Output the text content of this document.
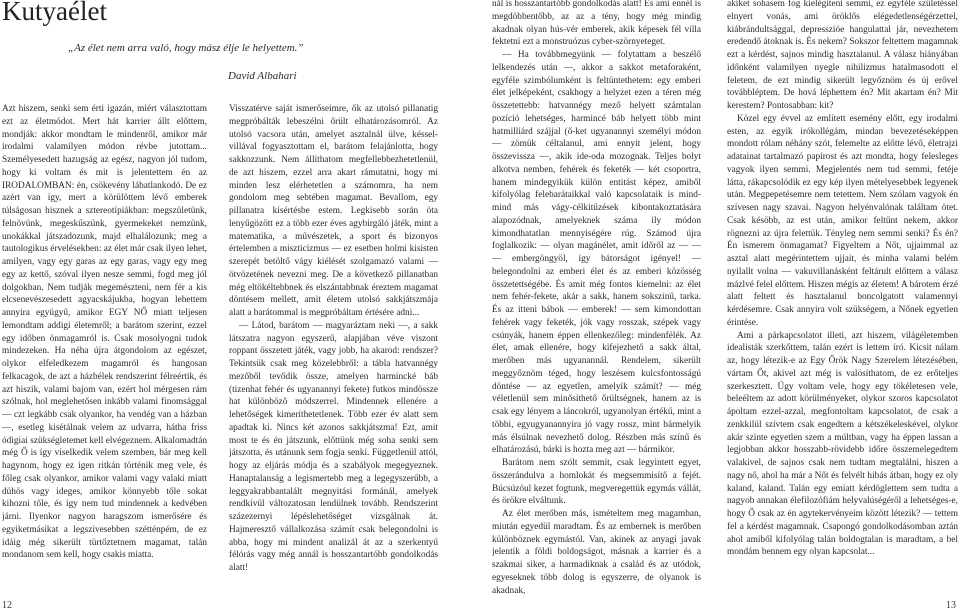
Kutyaélet
„Az élet nem arra való, hogy mász élje le helyettem.”
David Albahari

Azt hiszem, senki sem érti igazán, miért választottam ezt az életmódot. Mert hát karrier állt előttem, mondják: akkor mondtam le mindenről, amikor már irodalmi valamilyen módon révbe jutottam... Személyesedett hazugság az egész, nagyon jól tudom, hogy ki voltam és mit is jelentettem én az IRODALOMBAN: én, csökevény lábatlankodó. De ez azért van így, mert a körülöttem lévő emberek túlságosan hisznek a sztereotípiákban: megszületünk, felnövünk, megeskűszünk, gyermekeket nemzünk, unokákkal játszadozunk, majd elhalálozunk; meg a tautologikus érvelésekben: az élet már csak ilyen lehet, amilyen, vagy egy garas az egy garas, vagy egy meg egy az kettő, szóval ilyen nesze semmi, fogd meg jól dolgokban. Nem tudják megemészteni, nem fér a kis elcsenevészesedett agyacskájukba, hogyan lehettem annyira együgyű, amikor EGY NŐ miatt teljesen lemondtam addigi életemről; a barátom szerint, ezzel egy időben önmagamról is. Csak mosolyogni tudok mindezeken. Ha néha újra átgondolom az egészet, olykor elfeledkezem magamról és hangosan felkacagok, de azt a házbélek rendszerint félreértik, és azt hiszik, valami bajom van, ezért hol mérgesen rám szólnak, hol meglehetősen inkább valami finomsággal — czt legkább csak olyankor, ha vendég van a házban —, esetleg kisétálnak velem az udvarra, hátha friss ódigiai szükségletemet kell elvégeznem. Alkalomadtán még Ő is így viselkedik velem szemben, bár meg kell hagynom, hogy ez igen ritkán történik meg vele, és főleg csak olyankor, amikor valami vagy valaki miatt dühös vagy ideges, amikor könnyebb tőle sokat kihozni tőle, és így nem tud mindennek a kedvében járni. Ilyenkor nagyon haragszom ismerősére és egyiketmásikat a legszívesebben szétténpém, de ez idáig még sikerült türtőztetnem magamat, talán mondanom sem kell, hogy csakis miatta.

Visszatérve saját ismerőseimre, ők az utolsó pillanatig megpróbálták lebeszélni őrült elhatározásomról. Az utolsó vacsora után, amelyet asztalnál ülve, késsel-villával fogyasztottam el, barátom felajánlotta, hogy sakkozzunk. Nem állíthatom megfellebbezhetetlenül, de azt hiszem, ezzel arra akart rámutatni, hogy mi minden lesz elérhetetlen a számomra, ha nem gondolom meg sebtében magamat. Bevallom, egy pillanatra kísértésbe estem. Legkisebb során öta lenyűgözött ez a több ezer éves agybirgáló játék, mint a matematika, a művészetek, a sport és bizonyos értelemben a miszticizmus — ez esetben holmi kisisten szerepét betöltő vágy kiélését szolgamazó valami — ötvözetének nevezni meg. De a következő pillanatban még eltökéltebbnek és elszántabbnak éreztem magamat döntésem mellett, amit életem utolsó sakkjátszmája alatt a barátommal is megpróbáltam értésére adni...

— Látod, barátom — magyaráztam neki —, a sakk látszatra nagyon egyszerű, alapjában véve viszont roppant összetett játék, vagy jobb, ha akarod: rendszer? Tekintsük csak meg közelebbről: a tábla hatvannégy mezőből tevődik össze, amelyen harmincké báb (tizenhat fehér és ugyanannyi fekete) futkos mindössze hat különbözõ módszerrel. Mindennek ellenére a lehetőségek kimeríthetetlenek. Több ezer év alatt sem apadtak ki. Nincs két azonos sakkjátszma! Ezt, amit most te és én játszunk, előttünk még soha senki sem játszotta, és utánunk sem fogja senki. Függetlenül attól, hogy az eljárás módja és a szabályok megegyeznek. Hanaptalanság a legismertebb meg a legegyszerűbb, a leggyakrabbantalált megnyitási formánál, amelyek rendkívül változatosan lendülnek tovább. Rendszerint százezernyi lépéslehetőséget vizsgálnak át. Hajmeresztő vállalkozása számít csak belegondolni is abba, hogy mi mindent analizál át az a szerkentyű félórás vagy még annál is hosszantartóbb gondolkodás alatt!

nál is hosszantartóbb gondolkodás alatt! És ami ennél is megdöbbentőbb, az az a tény, hogy még mindig akadnak olyan hús-vér emberek, akik képesek fél villa fektetni ezt a monstruózus cyber-szörnyeteget.

— Ha továbbmegyünk — folytattam a beszélő lelkendezés után —, akkor a sakkot metaforaként, egyféle szimbólumként is feltüntethetem: egy emberi élet jelképeként, csakhogy a helyzet ezen a téren még összetettebb: hatvannégy mező helyett számtalan pozíció lehetséges, harmincé báb helyett több mint hatmilliárd szájjal (ő-ket ugyanannyi személyi módon — zömük céltalanul, ami ennyit jelent, hogy összevissza —, akik ide-oda mozognak. Teljes bolyt alkotva nemben, fehérek és feketék — két csoportra, hanem mindegyikük külön entitást képez, amiből kifolyólag felebarátaikkal való kapcsolataik is mind-mind más vágy-célkitűzések kibontakoztatására alapozódnak, amelyeknek száma ily módon kimondhatatlan mennyiségére rúg. Számod újra foglalkozik: — olyan magánélet, amit időről az — — — embergöngyöl, így bátorságot igényel! — belegondolni az emberi élet és az emberi közösség összetettségébe. És amit még fontos kiemelni: az élet nem fehér-fekete, akár a sakk, hanem sokszínű, tarka. És az itteni bábok — emberek! — sem kimondottan fehérek vagy feketék, jók vagy rosszak, szépek vagy csúnyák, hanem éppen ellenkezőleg: mindenfélék. Az élet, amak ellenére, hogy kifejezhető a sakk által, merőben más ugyanannál. Rendelem, sikerült meggyőznöm téged, hogy leszésem kulcsfontosságú döntése — az egyetlen, amelyik számít? — még véletlenül sem minősíthető őrültségnek, hanem az is csak egy lényem a láncokról, ugyanolyan értékű, mint a többi, egyugyanannyira jó vagy rossz, mint bármelyik más élsúlnak nevezhető dolog. Részben más színű és elhatározású, bárki is hozta meg azt — bármikor.

Barátom nem szólt semmit, csak legyintett egyet, összerándulva a homlokát és megsemmisítő a fejét. Búcsúzóul kezet fogtunk, megveregettük egymás vállát, és örökre elváltunk.

Az élet merőben más, ismételtem meg magamban, miután egyedül maradtam. És az embernek is merőben különböznek egymástól. Van, akinek az anyagi javak jelentik a földi boldogságot, másnak a karrier és a szakmai siker, a harmadiknak a család és az utódok, egyeseknek több dolog is egyszerre, de olyanok is akadnak,

akiket sohasem fog kielégíteni semmi, ez egyféle születéssel elnyert vonás, ami öröklős elégedetlenségérzettel, kiábrándultsággal, depresszióe hangulattal jár, nevezhetem eredendő átoknak is. És nekem? Sokszor feltettem magamnak ezt a kérdést, sajnos mindig hasztalanul. A válasz hiányában időnként valamilyen nyegle nihilizmus hatalmasodott el feletem, de ezt mindig sikerült legyőznöm és új erővel továbbléptem. De hová léphettem én? Mit akartam én? Mit kerestem? Pontosabban: kit?

Közel egy évvel az említett esemény előtt, egy irodalmi esten, az egyik irókollégám, mindan bevezetéseképpen mondott rólam néhány szót, felemelte az előtte lévő, életrajzi adatainat tartalmazó papírost és azt mondta, hogy felesleges vagyok ilyen semmi. Megjelentés nem tud semmi, fetéje látta, rákapcsolódik ez egy kép ilyen mételyesebbek legyenek után. Megpepetésemre nem tetettem. Nem szólam vagyok én szívesen nagy szavai. Nagyon helyénvalónak találtam ötet. Csak késöbb, az est után, amikor feltűnt nekem, akkor rögnezni az újra felettük. Tényleg nem semmi senki? És én? Én ismerem önmagamat? Figyeltem a Nőt, ujjaimmal az asztal alatt megérintettem ujjait, és minha valami belém nyilallt volna — vakuvillanásként feltárult előttem a válasz mázlvé felel előttem. Hiszen mégis az életem! A bárotem érzé alatt feltett és hasztalanul boncolgatott valamennyi kérdésemre. Csak annyira volt szükségem, a Nőnek egyetlen érintése.

Ami a párkapcsolatot illeti, azt hiszem, világéletemben idealisták szerkőttem, talán ezért is lettem író. Kicsit nálam az, hogy létezik-e az Egy Őrök Nagy Szerelem létezésében, vártam Őt, akivel azt még is valósíthatom, de ez erőteljes szerkesztett. Úgy voltam vele, hogy egy tökéletesen vele, beleéltem az adott körülményeket, olykor szoros kapcsolatot ápoltam ezzel-azzal, megfontoltam kapcsolatot, de csak a zenkkilül szívtem csak engedtem a kétszékeleskével, olykor akár szinte egyetlen szem a múltban, vagy ha éppen lassan a legjobban akkor hosszabb-rövidebb időre összemelegedtem valakivel, de sajnos csak nem tudtam megtalálni, hiszen a nagy nő, ahol ha már a Nőt és felvélt hibás átban, hogy ez oly kaland, kaland. Talán egy emiatt kérdöglettem sem tudta a nagyob annakan élefilozófiám helyvalúségéről a lehetséges-e, hogy Ő csak az én agytekervényeim között létezik? — tettem fel a kérdést magamnak. Csapongó gondolkodásomban aztán ahol amiből kifolyólag talán boldogtalan is maradtam, a bel mondám bennem egy olyan kapcsolat...

12	13
